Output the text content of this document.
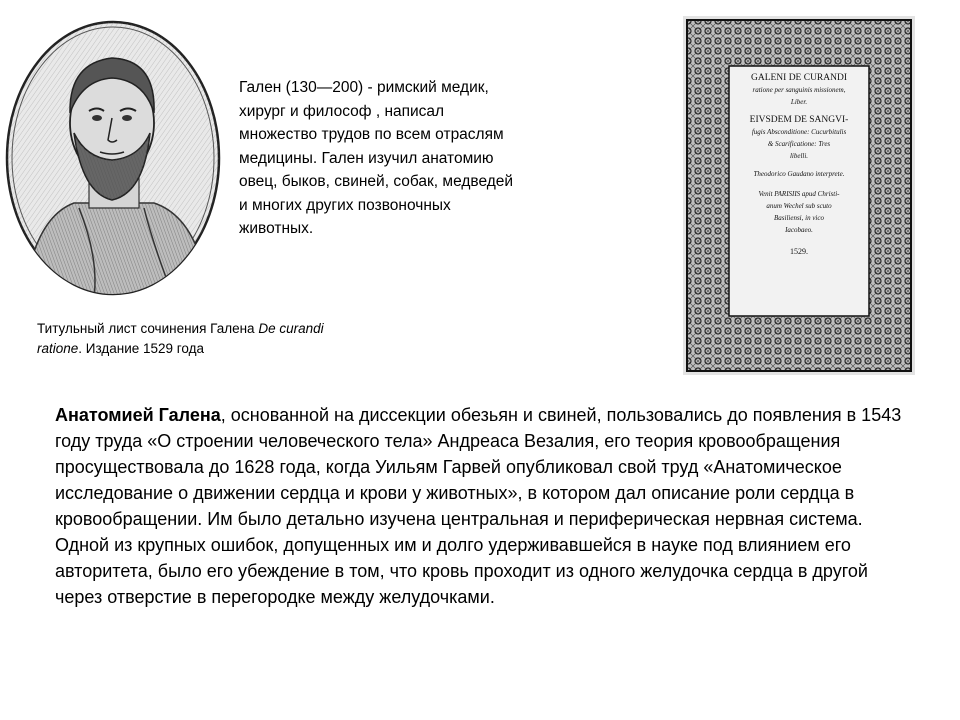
Гален (130—200) - римский медик,

хирург и философ , написал

множество трудов по всем отраслям

медицины. Гален изучил анатомию

овец, быков, свиней, собак, медведей

и многих других позвоночных

животных.

Титульный лист сочинения Галена De curandi ratione. Издание 1529 года
GALENI DE CURANDI
ratione per sanguinis missionem,
Liber.
EIVSDEM DE SANGVI-
fugis Absconditione: Cucurbitulis
& Scarificatione: Tres
libelli.
Theodorico Gaudano interprete.
Venit PARISIIS apud Christi-
anum Wechel sub scuto
Basiliensi, in vico
Iacobaeo.
1529.

Анатомией Галена, основанной на диссекции обезьян и свиней, пользовались до появления в 1543 году труда «О строении человеческого тела» Андреаса Везалия, его теория кровообращения просуществовала до 1628 года, когда Уильям Гарвей опубликовал свой труд «Анатомическое исследование о движении сердца и крови у животных», в котором дал описание роли сердца в кровообращении. Им было детально изучена центральная и периферическая нервная система. Одной из крупных ошибок, допущенных им и долго удерживавшейся в науке под влиянием его авторитета, было его убеждение в том, что кровь проходит из одного желудочка сердца в другой через отверстие в перегородке между желудочками.
